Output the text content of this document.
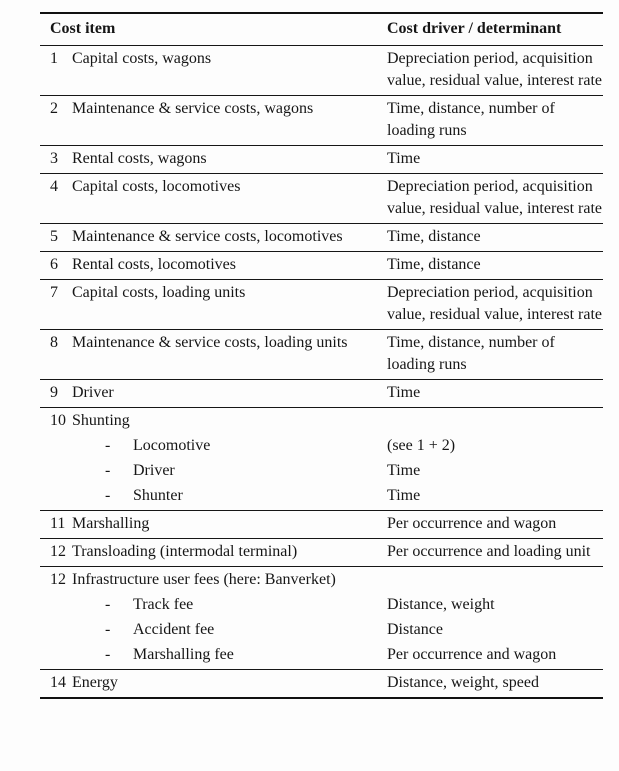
Cost item	Cost driver / determinant
1 Capital costs, wagons	Depreciation period, acquisition value, residual value, interest rate
2 Maintenance & service costs, wagons	Time, distance, number of loading runs
3 Rental costs, wagons	Time
4 Capital costs, locomotives	Depreciation period, acquisition value, residual value, interest rate
5 Maintenance & service costs, locomotives	Time, distance
6 Rental costs, locomotives	Time, distance
7 Capital costs, loading units	Depreciation period, acquisition value, residual value, interest rate
8 Maintenance & service costs, loading units	Time, distance, number of loading runs
9 Driver	Time
10 Shunting
- Locomotive	(see 1 + 2)
- Driver	Time
- Shunter	Time
11 Marshalling	Per occurrence and wagon
12 Transloading (intermodal terminal)	Per occurrence and loading unit
12 Infrastructure user fees (here: Banverket)
- Track fee	Distance, weight
- Accident fee	Distance
- Marshalling fee	Per occurrence and wagon
14 Energy	Distance, weight, speed
